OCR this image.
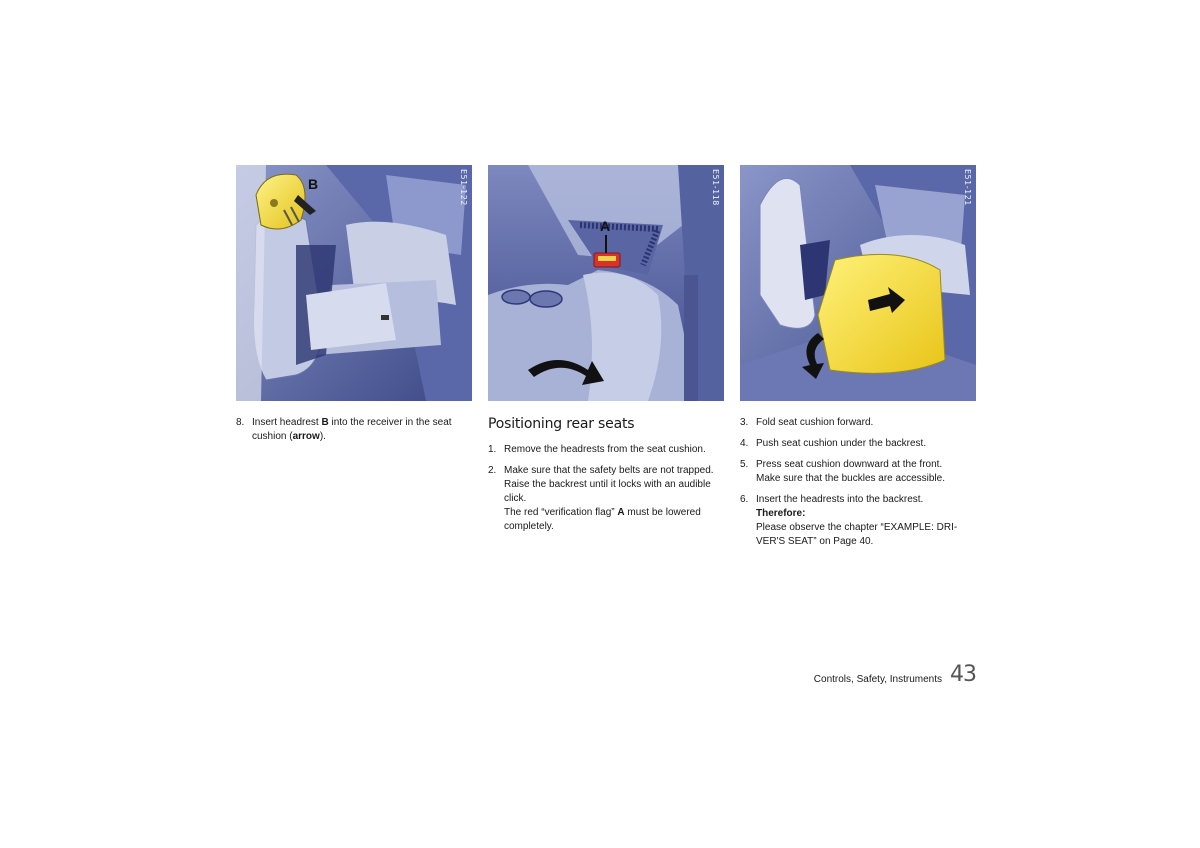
B	E51-122
A
E51-118	E51-121
8. Insert headrest B into the receiver in the seat cushion (arrow).
Positioning rear seats
1. Remove the headrests from the seat cushion.
2. Make sure that the safety belts are not trapped.
Raise the backrest until it locks with an audible click.
The red “verification flag” A must be lowered completely.
3. Fold seat cushion forward.
4. Push seat cushion under the backrest.
5. Press seat cushion downward at the front.
Make sure that the buckles are accessible.
6. Insert the headrests into the backrest.
Therefore:
Please observe the chapter “EXAMPLE: DRI-VER'S SEAT” on Page 40.
Controls, Safety, Instruments 43
